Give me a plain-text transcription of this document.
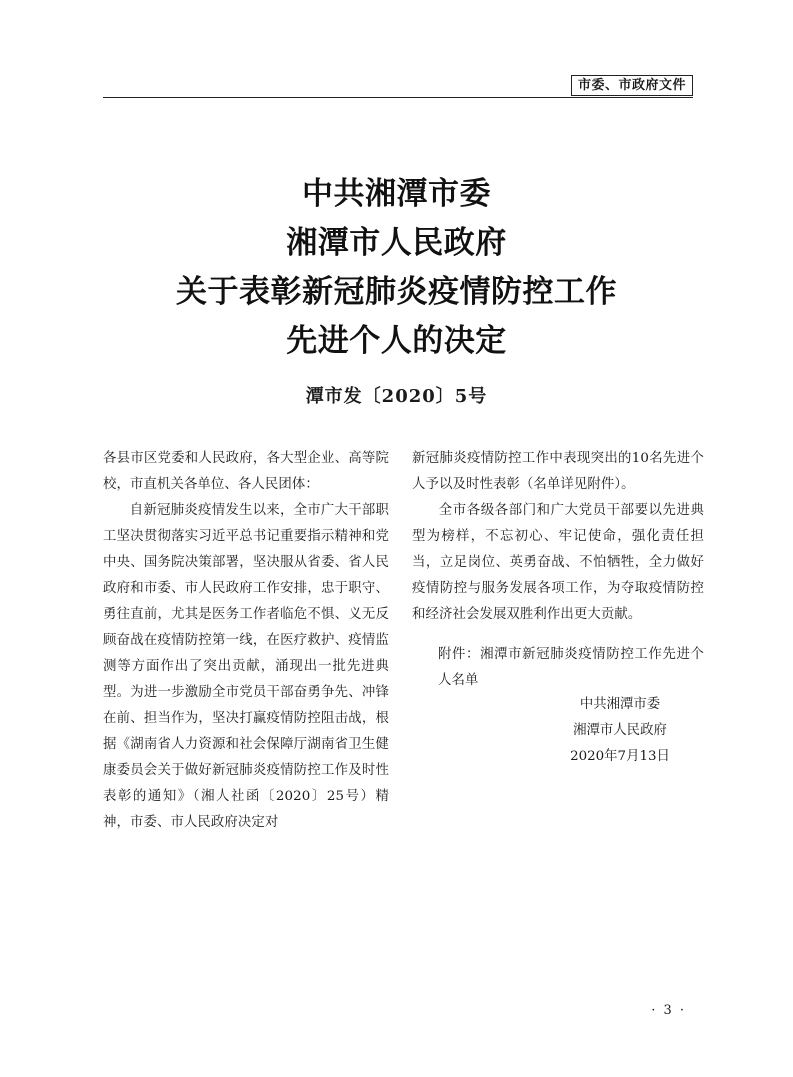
市委、市政府文件
中共湘潭市委
湘潭市人民政府
关于表彰新冠肺炎疫情防控工作
先进个人的决定
潭市发〔2020〕5号

各县市区党委和人民政府，各大型企业、高等院校，市直机关各单位、各人民团体：

自新冠肺炎疫情发生以来，全市广大干部职工坚决贯彻落实习近平总书记重要指示精神和党中央、国务院决策部署，坚决服从省委、省人民政府和市委、市人民政府工作安排，忠于职守、勇往直前，尤其是医务工作者临危不惧、义无反顾奋战在疫情防控第一线，在医疗救护、疫情监测等方面作出了突出贡献，涌现出一批先进典型。为进一步激励全市党员干部奋勇争先、冲锋在前、担当作为，坚决打赢疫情防控阻击战，根据《湖南省人力资源和社会保障厅湖南省卫生健康委员会关于做好新冠肺炎疫情防控工作及时性表彰的通知》（湘人社函〔2020〕25号）精神，市委、市人民政府决定对

新冠肺炎疫情防控工作中表现突出的10名先进个人予以及时性表彰（名单详见附件）。

全市各级各部门和广大党员干部要以先进典型为榜样，不忘初心、牢记使命，强化责任担当，立足岗位、英勇奋战、不怕牺牲，全力做好疫情防控与服务发展各项工作，为夺取疫情防控和经济社会发展双胜利作出更大贡献。

附件：湘潭市新冠肺炎疫情防控工作先进个人名单

中共湘潭市委
湘潭市人民政府
2020年7月13日
· 3 ·
